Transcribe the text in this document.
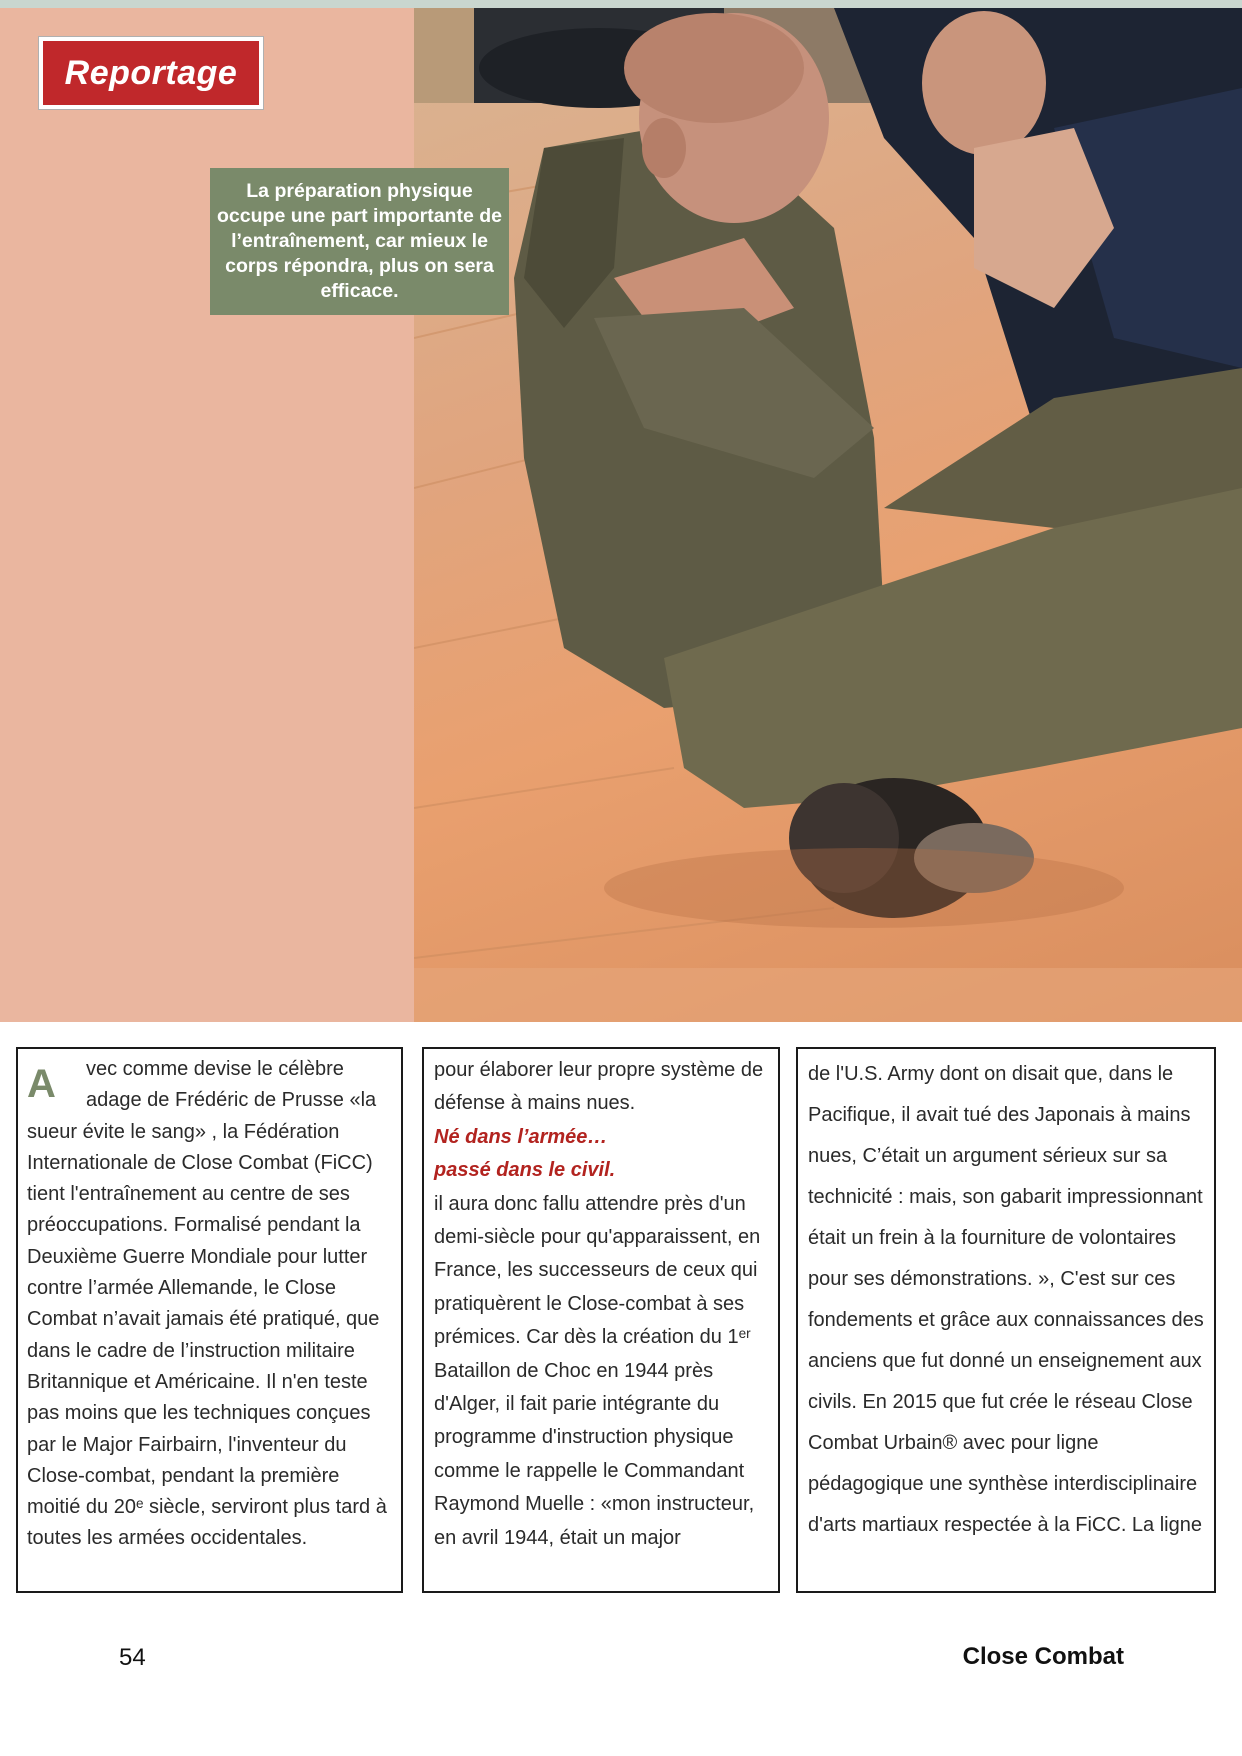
Reportage
La préparation physique occupe une part importante de l’entraînement, car mieux le corps répondra, plus on sera efficace.
A	vec comme devise le célèbre adage de Frédéric de Prusse «la sueur évite le sang» , la Fédération Internationale de Close Combat (FiCC) tient l'entraînement au centre de ses préoccupations. Formalisé pendant la Deuxième Guerre Mondiale pour lutter contre l’armée Allemande, le Close Combat n’avait jamais été pratiqué, que dans le cadre de l’instruction militaire Britannique et Américaine. Il n'en teste pas moins que les techniques conçues par le Major Fairbairn, l'inventeur du Close-combat, pendant la première moitié du 20ᵉ siècle, serviront plus tard à toutes les armées occidentales.
pour élaborer leur propre système de défense à mains nues.
Né dans l’armée…
passé dans le civil.
il aura donc fallu attendre près d'un demi-siècle pour qu'apparaissent, en France, les successeurs de ceux qui pratiquèrent le Close-combat à ses prémices. Car dès la création du 1ᵉʳ Bataillon de Choc en 1944 près d'Alger, il fait parie intégrante du programme d'instruction physique comme le rappelle le Commandant Raymond Muelle : «mon instructeur, en avril 1944, était un major
de l'U.S. Army dont on disait que, dans le Pacifique, il avait tué des Japonais à mains nues, C’était un argument sérieux sur sa technicité : mais, son gabarit impressionnant était un frein à la fourniture de volontaires pour ses démonstrations. », C'est sur ces fondements et grâce aux connaissances des anciens que fut donné un enseignement aux civils. En 2015 que fut crée le réseau Close Combat Urbain® avec pour ligne pédagogique une synthèse interdisciplinaire d'arts martiaux respectée à la FiCC. La ligne
54	Close Combat
